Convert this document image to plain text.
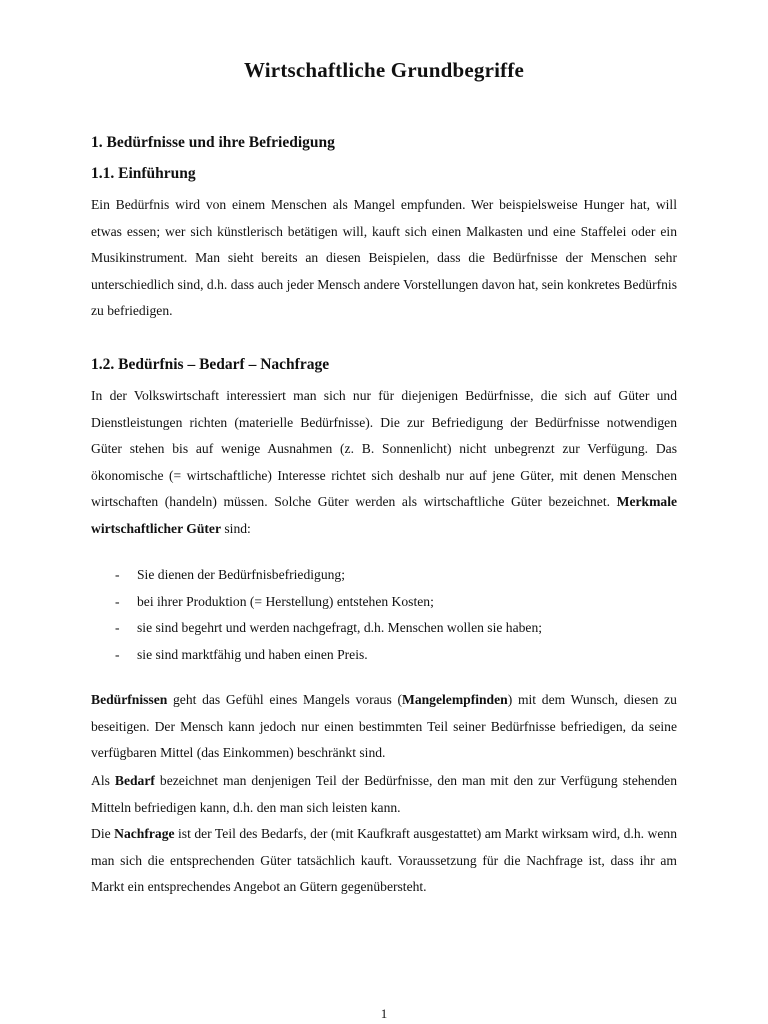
Wirtschaftliche Grundbegriffe
1. Bedürfnisse und ihre Befriedigung
1.1. Einführung

Ein Bedürfnis wird von einem Menschen als Mangel empfunden. Wer beispielsweise Hunger hat, will etwas essen; wer sich künstlerisch betätigen will, kauft sich einen Malkasten und eine Staffelei oder ein Musikinstrument. Man sieht bereits an diesen Beispielen, dass die Bedürfnisse der Menschen sehr unterschiedlich sind, d.h. dass auch jeder Mensch andere Vorstellungen davon hat, sein konkretes Bedürfnis zu befriedigen.

1.2. Bedürfnis – Bedarf – Nachfrage

In der Volkswirtschaft interessiert man sich nur für diejenigen Bedürfnisse, die sich auf Güter und Dienstleistungen richten (materielle Bedürfnisse). Die zur Befriedigung der Bedürfnisse notwendigen Güter stehen bis auf wenige Ausnahmen (z. B. Sonnenlicht) nicht unbegrenzt zur Verfügung. Das ökonomische (= wirtschaftliche) Interesse richtet sich deshalb nur auf jene Güter, mit denen Menschen wirtschaften (handeln) müssen. Solche Güter werden als wirtschaftliche Güter bezeichnet. Merkmale wirtschaftlicher Güter sind:

- Sie dienen der Bedürfnisbefriedigung;
- bei ihrer Produktion (= Herstellung) entstehen Kosten;
- sie sind begehrt und werden nachgefragt, d.h. Menschen wollen sie haben;
- sie sind marktfähig und haben einen Preis.

Bedürfnissen geht das Gefühl eines Mangels voraus (Mangelempfinden) mit dem Wunsch, diesen zu beseitigen. Der Mensch kann jedoch nur einen bestimmten Teil seiner Bedürfnisse befriedigen, da seine verfügbaren Mittel (das Einkommen) beschränkt sind.

Als Bedarf bezeichnet man denjenigen Teil der Bedürfnisse, den man mit den zur Verfügung stehenden Mitteln befriedigen kann, d.h. den man sich leisten kann.

Die Nachfrage ist der Teil des Bedarfs, der (mit Kaufkraft ausgestattet) am Markt wirksam wird, d.h. wenn man sich die entsprechenden Güter tatsächlich kauft. Voraussetzung für die Nachfrage ist, dass ihr am Markt ein entsprechendes Angebot an Gütern gegenübersteht.

1
